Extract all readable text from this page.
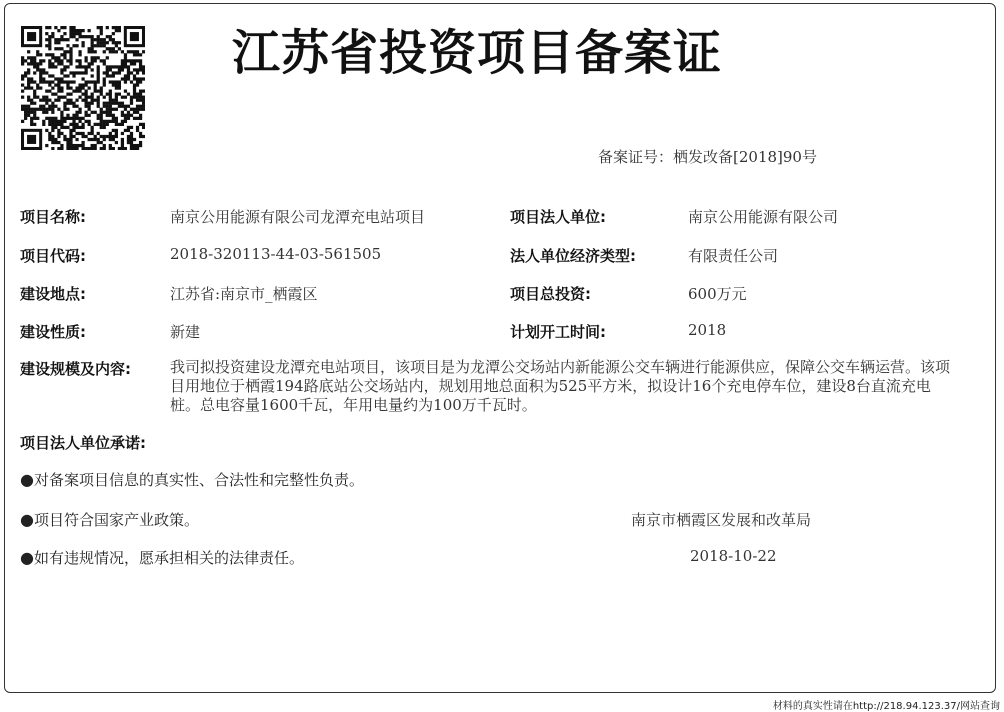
江苏省投资项目备案证
备案证号：栖发改备[2018]90号
项目名称:	南京公用能源有限公司龙潭充电站项目	项目法人单位:	南京公用能源有限公司
项目代码:	2018-320113-44-03-561505	法人单位经济类型:	有限责任公司
建设地点:	江苏省:南京市_栖霞区	项目总投资:	600万元
建设性质:	新建	计划开工时间:	2018
建设规模及内容:	我司拟投资建设龙潭充电站项目，该项目是为龙潭公交场站内新能源公交车辆进行能源供应，保障公交车辆运营。该项目用地位于栖霞194路底站公交场站内，规划用地总面积为525平方米，拟设计16个充电停车位，建设8台直流充电桩。总电容量1600千瓦，年用电量约为100万千瓦时。
项目法人单位承诺:
●对备案项目信息的真实性、合法性和完整性负责。
●项目符合国家产业政策。
●如有违规情况，愿承担相关的法律责任。
南京市栖霞区发展和改革局
2018-10-22
材料的真实性请在http://218.94.123.37/网站查询
